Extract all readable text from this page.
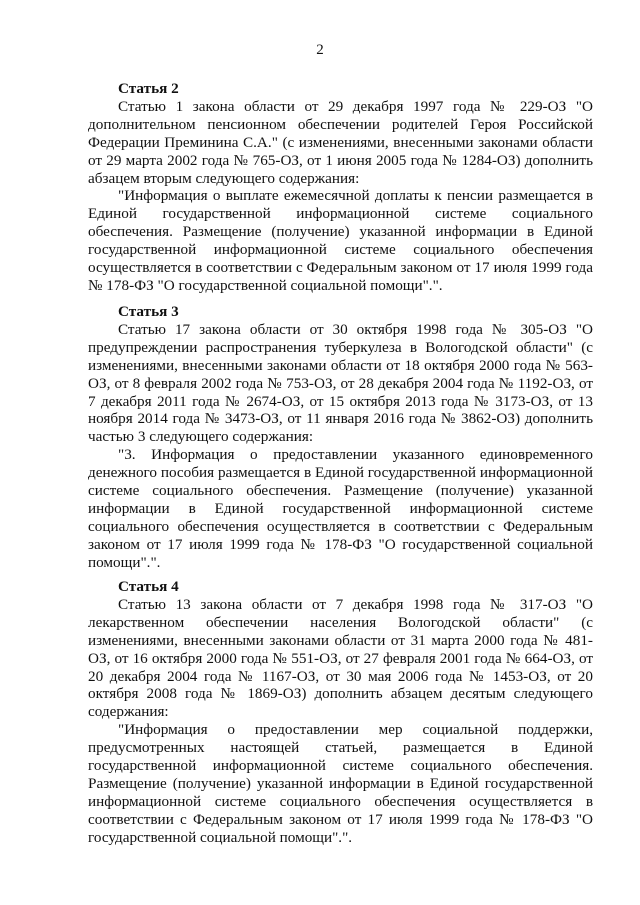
2

Статья 2

Статью 1 закона области от 29 декабря 1997 года № 229-ОЗ "О дополнительном пенсионном обеспечении родителей Героя Российской Федерации Преминина С.А." (с изменениями, внесенными законами области от 29 марта 2002 года № 765-ОЗ, от 1 июня 2005 года № 1284-ОЗ) дополнить абзацем вторым следующего содержания:

"Информация о выплате ежемесячной доплаты к пенсии размещается в Единой государственной информационной системе социального обеспечения. Размещение (получение) указанной информации в Единой государственной информационной системе социального обеспечения осуществляется в соответствии с Федеральным законом от 17 июля 1999 года № 178-ФЗ "О государственной социальной помощи".".

Статья 3

Статью 17 закона области от 30 октября 1998 года № 305-ОЗ "О предупреждении распространения туберкулеза в Вологодской области" (с изменениями, внесенными законами области от 18 октября 2000 года № 563-ОЗ, от 8 февраля 2002 года № 753-ОЗ, от 28 декабря 2004 года № 1192-ОЗ, от 7 декабря 2011 года № 2674-ОЗ, от 15 октября 2013 года № 3173-ОЗ, от 13 ноября 2014 года № 3473-ОЗ, от 11 января 2016 года № 3862-ОЗ) дополнить частью 3 следующего содержания:

"3. Информация о предоставлении указанного единовременного денежного пособия размещается в Единой государственной информационной системе социального обеспечения. Размещение (получение) указанной информации в Единой государственной информационной системе социального обеспечения осуществляется в соответствии с Федеральным законом от 17 июля 1999 года № 178-ФЗ "О государственной социальной помощи".".

Статья 4

Статью 13 закона области от 7 декабря 1998 года № 317-ОЗ "О лекарственном обеспечении населения Вологодской области" (с изменениями, внесенными законами области от 31 марта 2000 года № 481-ОЗ, от 16 октября 2000 года № 551-ОЗ, от 27 февраля 2001 года № 664-ОЗ, от 20 декабря 2004 года № 1167-ОЗ, от 30 мая 2006 года № 1453-ОЗ, от 20 октября 2008 года № 1869-ОЗ) дополнить абзацем десятым следующего содержания:

"Информация о предоставлении мер социальной поддержки, предусмотренных настоящей статьей, размещается в Единой государственной информационной системе социального обеспечения. Размещение (получение) указанной информации в Единой государственной информационной системе социального обеспечения осуществляется в соответствии с Федеральным законом от 17 июля 1999 года № 178-ФЗ "О государственной социальной помощи".".
